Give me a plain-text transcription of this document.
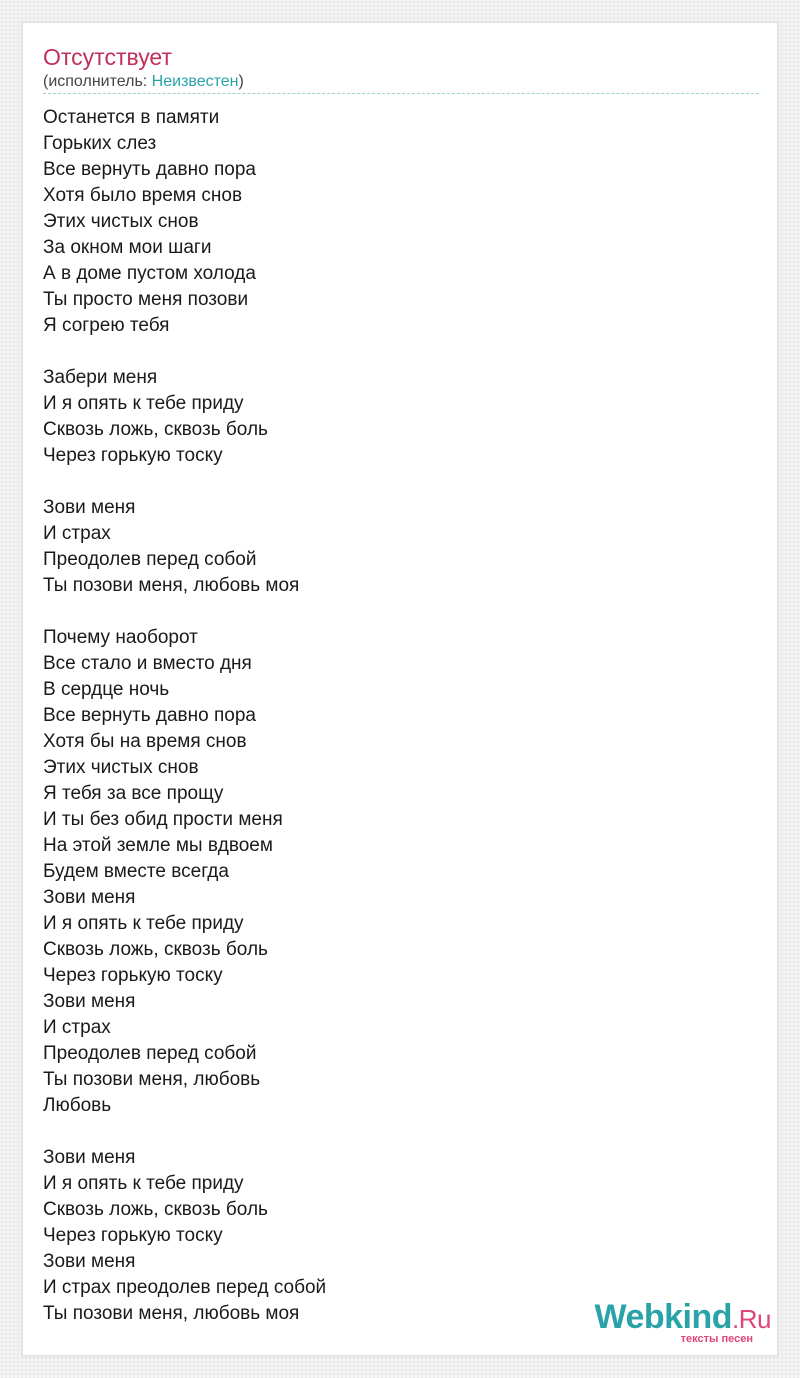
Отсутствует
(исполнитель: Неизвестен)
Останется в памяти
Горьких слез
Все вернуть давно пора
Хотя было время снов
Этих чистых снов
За окном мои шаги
А в доме пустом холода
Ты просто меня позови
Я согрею тебя
Забери меня
И я опять к тебе приду
Сквозь ложь, сквозь боль
Через горькую тоску
Зови меня
И страх
Преодолев перед собой
Ты позови меня, любовь моя
Почему наоборот
Все стало и вместо дня
В сердце ночь
Все вернуть давно пора
Хотя бы на время снов
Этих чистых снов
Я тебя за все прощу
И ты без обид прости меня
На этой земле мы вдвоем
Будем вместе всегда
Зови меня
И я опять к тебе приду
Сквозь ложь, сквозь боль
Через горькую тоску
Зови меня
И страх
Преодолев перед собой
Ты позови меня, любовь
Любовь
Зови меня
И я опять к тебе приду
Сквозь ложь, сквозь боль
Через горькую тоску
Зови меня
И страх преодолев перед собой
Ты позови меня, любовь моя	Webkind.Ru
тексты песен
